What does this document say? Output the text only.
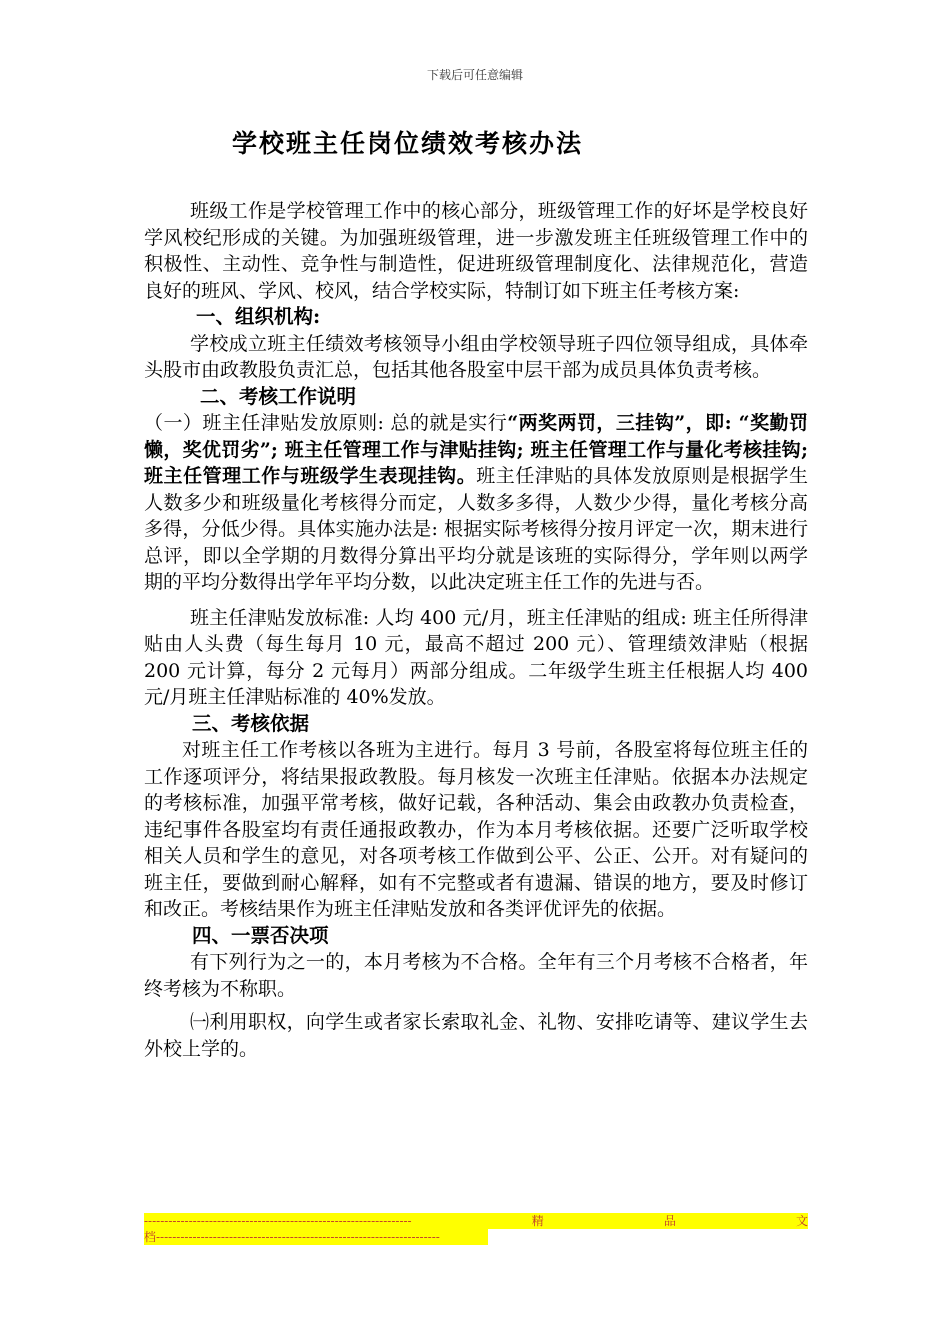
下载后可任意编辑
学校班主任岗位绩效考核办法

班级工作是学校管理工作中的核心部分，班级管理工作的好坏是学校良好学风校纪形成的关键。为加强班级管理，进一步激发班主任班级管理工作中的积极性、主动性、竞争性与制造性，促进班级管理制度化、法律规范化，营造良好的班风、学风、校风，结合学校实际，特制订如下班主任考核方案:

一、组织机构:

学校成立班主任绩效考核领导小组由学校领导班子四位领导组成，具体牵头股市由政教股负责汇总，包括其他各股室中层干部为成员具体负责考核。

二、考核工作说明

（一）班主任津贴发放原则: 总的就是实行“两奖两罚，三挂钩”，即: “奖勤罚懒，奖优罚劣”; 班主任管理工作与津贴挂钩; 班主任管理工作与量化考核挂钩; 班主任管理工作与班级学生表现挂钩。班主任津贴的具体发放原则是根据学生人数多少和班级量化考核得分而定，人数多多得，人数少少得，量化考核分高多得，分低少得。具体实施办法是: 根据实际考核得分按月评定一次，期末进行总评，即以全学期的月数得分算出平均分就是该班的实际得分，学年则以两学期的平均分数得出学年平均分数，以此决定班主任工作的先进与否。

班主任津贴发放标准: 人均 400 元/月，班主任津贴的组成: 班主任所得津贴由人头费（每生每月 10 元，最高不超过 200 元）、管理绩效津贴（根据 200 元计算，每分 2 元每月）两部分组成。二年级学生班主任根据人均 400 元/月班主任津贴标准的 40%发放。

三、考核依据

对班主任工作考核以各班为主进行。每月 3 号前，各股室将每位班主任的工作逐项评分，将结果报政教股。每月核发一次班主任津贴。依据本办法规定的考核标准，加强平常考核，做好记载，各种活动、集会由政教办负责检查，违纪事件各股室均有责任通报政教办，作为本月考核依据。还要广泛听取学校相关人员和学生的意见，对各项考核工作做到公平、公正、公开。对有疑问的班主任，要做到耐心解释，如有不完整或者有遗漏、错误的地方，要及时修订和改正。考核结果作为班主任津贴发放和各类评优评先的依据。

四、一票否决项

有下列行为之一的，本月考核为不合格。全年有三个月考核不合格者，年终考核为不称职。

㈠利用职权，向学生或者家长索取礼金、礼物、安排吃请等、建议学生去外校上学的。

------------------------------------------------------------------	精	品	文
档----------------------------------------------------------------------
